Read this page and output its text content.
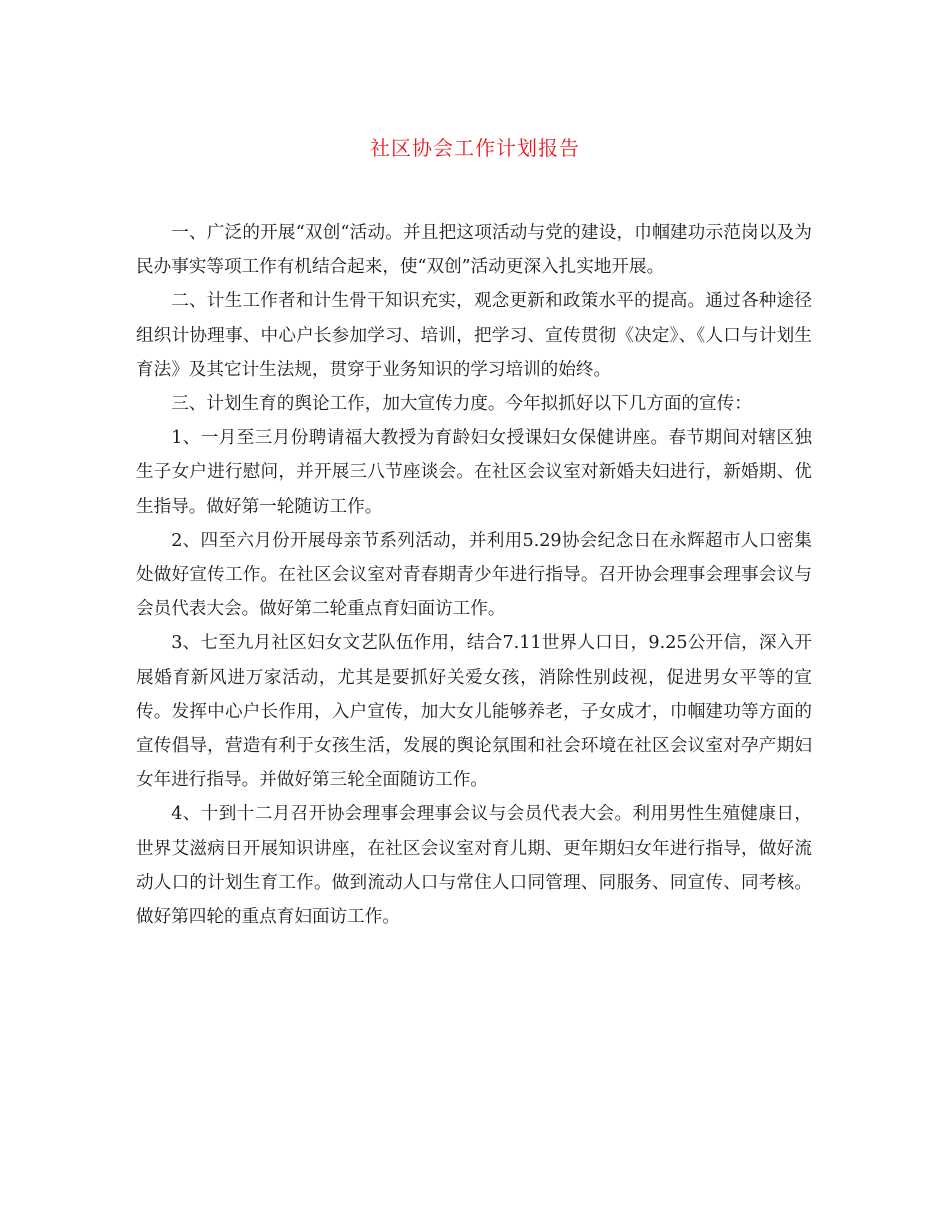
社区协会工作计划报告

一、广泛的开展“双创“活动。并且把这项活动与党的建设，巾帼建功示范岗以及为民办事实等项工作有机结合起来，使“双创”活动更深入扎实地开展。

二、计生工作者和计生骨干知识充实，观念更新和政策水平的提高。通过各种途径组织计协理事、中心户长参加学习、培训，把学习、宣传贯彻《决定》、《人口与计划生育法》及其它计生法规，贯穿于业务知识的学习培训的始终。

三、计划生育的舆论工作，加大宣传力度。今年拟抓好以下几方面的宣传：

1、一月至三月份聘请福大教授为育龄妇女授课妇女保健讲座。春节期间对辖区独生子女户进行慰问，并开展三八节座谈会。在社区会议室对新婚夫妇进行，新婚期、优生指导。做好第一轮随访工作。

2、四至六月份开展母亲节系列活动，并利用5.29协会纪念日在永辉超市人口密集处做好宣传工作。在社区会议室对青春期青少年进行指导。召开协会理事会理事会议与会员代表大会。做好第二轮重点育妇面访工作。

3、七至九月社区妇女文艺队伍作用，结合7.11世界人口日，9.25公开信，深入开展婚育新风进万家活动，尤其是要抓好关爱女孩，消除性别歧视，促进男女平等的宣传。发挥中心户长作用，入户宣传，加大女儿能够养老，子女成才，巾帼建功等方面的宣传倡导，营造有利于女孩生活，发展的舆论氛围和社会环境在社区会议室对孕产期妇女年进行指导。并做好第三轮全面随访工作。

4、十到十二月召开协会理事会理事会议与会员代表大会。利用男性生殖健康日，世界艾滋病日开展知识讲座，在社区会议室对育儿期、更年期妇女年进行指导，做好流动人口的计划生育工作。做到流动人口与常住人口同管理、同服务、同宣传、同考核。做好第四轮的重点育妇面访工作。
